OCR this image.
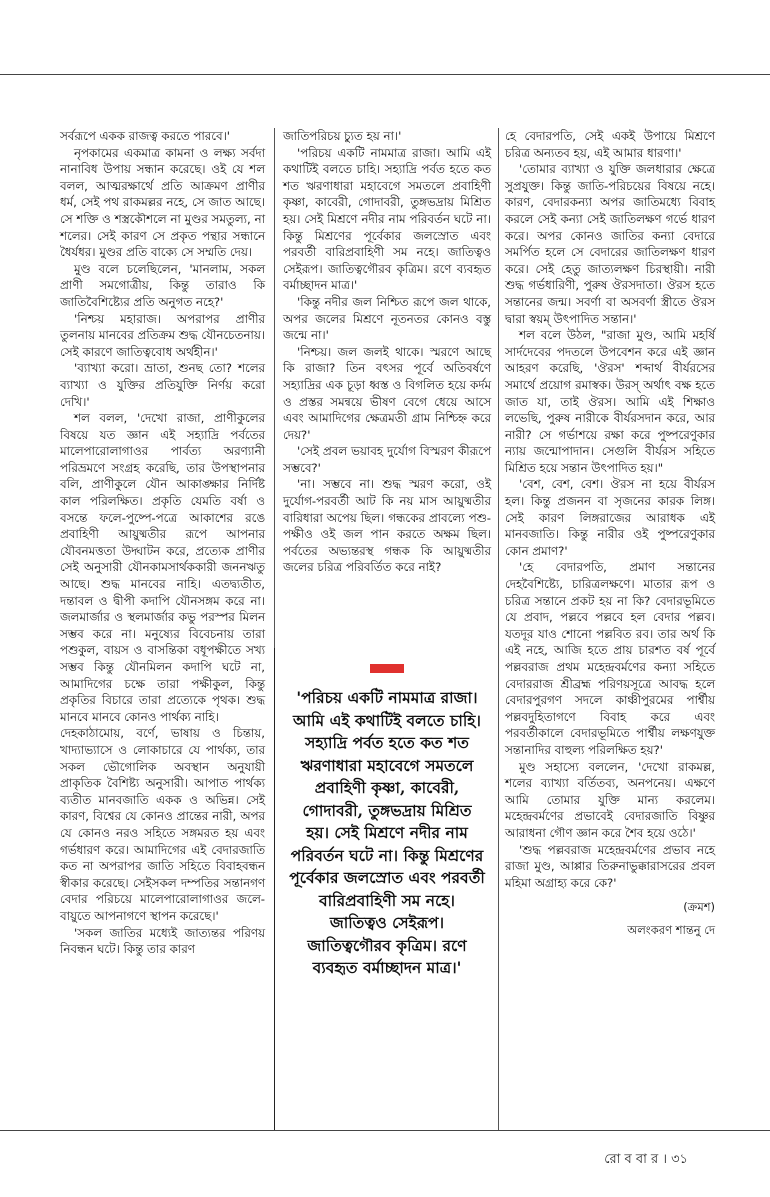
সর্বরূপে একক রাজত্ব করতে পারবে।'

নৃপকামের একমাত্র কামনা ও লক্ষ্য সর্বদা নানাবিধ উপায় সন্ধান করেছে। ওই যে শল বলল, আত্মরক্ষার্থে প্রতি আক্রমণ প্রাণীর ধর্ম, সেই পথ রাকমল্লর নহে, সে জাত আছে। সে শক্তি ও শস্ত্রকৌশলে না মুণ্ডর সমতুল্য, না শলের। সেই কারণ সে প্রকৃত পন্থার সন্ধানে ধৈর্যধর। মুণ্ডর প্রতি বাক্যে সে সম্মতি দেয়।

মুণ্ড বলে চলেছিলেন, 'মানলাম, সকল প্রাণী সমগোত্রীয়, কিন্তু তারাও কি জাতিবৈশিষ্ট্যের প্রতি অনুগত নহে?'

'নিশ্চয় মহারাজ। অপরাপর প্রাণীর তুলনায় মানবের প্রতিক্রম শুদ্ধ যৌনচেতনায়। সেই কারণে জাতিত্ববোধ অর্থহীন।'

'ব্যাখ্যা করো। ভ্রাতা, শুনছ তো? শলের ব্যাখ্যা ও যুক্তির প্রতিযুক্তি নির্ণয় করো দেখি।'

শল বলল, 'দেখো রাজা, প্রাণীকুলের বিষয়ে যত জ্ঞান এই সহ্যাদ্রি পর্বতের মালেপারোলাগাওর পার্বত্য অরণ্যানী পরিভ্রমণে সংগ্রহ করেছি, তার উপস্থাপনার বলি, প্রাণীকুলে যৌন আকাঙ্ক্ষার নির্দিষ্ট কাল পরিলক্ষিত। প্রকৃতি যেমতি বর্ষা ও বসন্তে ফলে-পুষ্পে-পত্রে আকাশের রঙে প্রবাহিণী আয়ুষ্মতীর রূপে আপনার যৌবনমত্ততা উদ্ঘাটন করে, প্রত্যেক প্রাণীর সেই অনুসারী যৌনকামসার্থককারী জননঋতু আছে। শুদ্ধ মানবের নাহি। এতদ্ব্যতীত, দন্তাবল ও দ্বীপী কদাপি যৌনসঙ্গম করে না। জলমার্জার ও স্থলমার্জার কভু পরস্পর মিলন সম্ভব করে না। মনুষ্যের বিবেচনায় তারা পশুকুল, বায়স ও বাসন্তিকা বধূপক্ষীতে সখ্য সম্ভব কিন্তু যৌনমিলন কদাপি ঘটে না, আমাদিগের চক্ষে তারা পক্ষীকুল, কিন্তু প্রকৃতির বিচারে তারা প্রত্যেকে পৃথক। শুদ্ধ মানবে মানবে কোনও পার্থক্য নাহি।

দেহকাঠামোয়, বর্ণে, ভাষায় ও চিন্তায়, খাদ্যাভ্যাসে ও লোকাচারে যে পার্থক্য, তার সকল ভৌগোলিক অবস্থান অনুযায়ী প্রাকৃতিক বৈশিষ্ট্য অনুসারী। আপাত পার্থক্য ব্যতীত মানবজাতি একক ও অভিন্ন। সেই কারণ, বিশ্বের যে কোনও প্রান্তের নারী, অপর যে কোনও নরও সহিতে সঙ্গমরত হয় এবং গর্ভধারণ করে। আমাদিগের এই বেদারজাতি কত না অপরাপর জাতি সহিতে বিবাহবন্ধন স্বীকার করেছে। সেইসকল দম্পতির সন্তানগণ বেদার পরিচয়ে মালেপারোলাগাওর জলে-বায়ুতে আপনাগণে স্থাপন করেছে।'

'সকল জাতির মধ্যেই জাত্যন্তর পরিণয় নিবন্ধন ঘটে। কিন্তু তার কারণ

জাতিপরিচয় চ্যুত হয় না।'

'পরিচয় একটি নামমাত্র রাজা। আমি এই কথাটিই বলতে চাহি। সহ্যাদ্রি পর্বত হতে কত শত ঋরণাধারা মহাবেগে সমতলে প্রবাহিণী কৃষ্ণা, কাবেরী, গোদাবরী, তুঙ্গভদ্রায় মিশ্রিত হয়। সেই মিশ্রণে নদীর নাম পরিবর্তন ঘটে না। কিন্তু মিশ্রণের পূর্বেকার জলস্রোত এবং পরবর্তী বারিপ্রবাহিণী সম নহে। জাতিত্বও সেইরূপ। জাতিত্বগৌরব কৃত্রিম। রণে ব্যবহৃত বর্মাচ্ছাদন মাত্র।'

'কিন্তু নদীর জল নিশ্চিত রূপে জল থাকে, অপর জলের মিশ্রণে নূতনতর কোনও বস্তু জন্মে না।'

'নিশ্চয়। জল জলই থাকে। স্মরণে আছে কি রাজা? তিন বৎসর পূর্বে অতিবর্ষণে সহ্যাদ্রির এক চূড়া ধ্বস্ত ও বিগলিত হয়ে কর্দম ও প্রস্তর সমন্বয়ে ভীষণ বেগে ধেয়ে আসে এবং আমাদিগের ক্ষেত্রমতী গ্রাম নিশ্চিহ্ন করে দেয়?'

'সেই প্রবল ভয়াবহ দুর্যোগ বিস্মরণ কীরূপে সম্ভবে?'

'না। সম্ভবে না। শুদ্ধ স্মরণ করো, ওই দুর্যোগ-পরবর্তী আট কি নয় মাস আয়ুষ্মতীর বারিধারা অপেয় ছিল। গন্ধকের প্রাবল্যে পশু-পক্ষীও ওই জল পান করতে অক্ষম ছিল। পর্বতের অভ্যন্তরস্থ গন্ধক কি আয়ুষ্মতীর জলের চরিত্র পরিবর্তিত করে নাই?

'পরিচয় একটি নামমাত্র রাজা। আমি এই কথাটিই বলতে চাহি। সহ্যাদ্রি পর্বত হতে কত শত ঋরণাধারা মহাবেগে সমতলে প্রবাহিণী কৃষ্ণা, কাবেরী, গোদাবরী, তুঙ্গভদ্রায় মিশ্রিত হয়। সেই মিশ্রণে নদীর নাম পরিবর্তন ঘটে না। কিন্তু মিশ্রণের পূর্বেকার জলস্রোত এবং পরবর্তী বারিপ্রবাহিণী সম নহে। জাতিত্বও সেইরূপ। জাতিত্বগৌরব কৃত্রিম। রণে ব্যবহৃত বর্মাচ্ছাদন মাত্র।'

হে বেদারপতি, সেই একই উপায়ে মিশ্রণে চরিত্র অন্যতব হয়, এই আমার ধারণা।'

'তোমার ব্যাখ্যা ও যুক্তি জলধারার ক্ষেত্রে সুপ্রযুক্ত। কিন্তু জাতি-পরিচয়ের বিষয়ে নহে। কারণ, বেদারকন্যা অপর জাতিমধ্যে বিবাহ করলে সেই কন্যা সেই জাতিলক্ষণ গর্ভে ধারণ করে। অপর কোনও জাতির কন্যা বেদারে সমর্পিত হলে সে বেদারের জাতিলক্ষণ ধারণ করে। সেই হেতু জাত্যলক্ষণ চিরস্থায়ী। নারী শুদ্ধ গর্ভধারিণী, পুরুষ ঔরসদাতা। ঔরস হতে সন্তানের জন্ম। সবর্ণা বা অসবর্ণা স্ত্রীতে ঔরস দ্বারা স্বয়ম্ উৎপাদিত সন্তান।'

শল বলে উঠল, "রাজা মুণ্ড, আমি মহর্ষি সার্দদেবের পদতলে উপবেশন করে এই জ্ঞান আহরণ করেছি, 'ঔরস' শব্দার্থ বীর্যরসের সমার্থে প্রয়োগ রমাস্বক। উরস্ অর্থাৎ বক্ষ হতে জাত যা, তাই ঔরস। আমি এই শিক্ষাও লভেছি, পুরুষ নারীকে বীর্যরসদান করে, আর নারী? সে গর্ভাশয়ে রক্ষা করে পুষ্পরেণুকার ন্যায় জন্মোপাদান। সেগুলি বীর্যরস সহিতে মিশ্রিত হয়ে সন্তান উৎপাদিত হয়।"

'বেশ, বেশ, বেশ। ঔরস না হয়ে বীর্যরস হল। কিন্তু প্রজনন বা সৃজনের কারক লিঙ্গ। সেই কারণ লিঙ্গরাজের আরাধক এই মানবজাতি। কিন্তু নারীর ওই পুষ্পরেণুকার কোন প্রমাণ?'

'হে বেদারপতি, প্রমাণ সন্তানের দেহবৈশিষ্ট্যে, চারিত্রলক্ষণে। মাতার রূপ ও চরিত্র সন্তানে প্রকট হয় না কি? বেদারভূমিতে যে প্রবাদ, পল্লবে পল্লবে হল বেদার পল্লব। যতদূর যাও শোনো পল্লবিত রব। তার অর্থ কি এই নহে, আজি হতে প্রায় চারশত বর্ষ পূর্বে পল্লবরাজ প্রথম মহেন্দ্রবর্মণের কন্যা সহিতে বেদাররাজ শ্রীব্রহ্ম পরিণয়সূত্রে আবদ্ধ হলে বেদারপুরগণ সদলে কাঞ্চীপুরমের পার্শ্বীয় পল্লবদুহিতাগণে বিবাহ করে এবং পরবর্তীকালে বেদারভূমিতে পার্শ্বীয় লক্ষণযুক্ত সন্তানাদির বাহুল্য পরিলক্ষিত হয়?'

মুণ্ড সহাস্যে বললেন, 'দেখো রাকমল্ল, শলের ব্যাখ্যা বর্তিতব্য, অনপনেয়। এক্ষণে আমি তোমার যুক্তি মান্য করলেম। মহেন্দ্রবর্মণের প্রভাবেই বেদারজাতি বিষ্ণুর আরাধনা গৌণ জ্ঞান করে শৈব হয়ে ওঠে।'

'শুদ্ধ পল্লবরাজ মহেন্দ্রবর্মণের প্রভাব নহে রাজা মুণ্ড, আপ্পার তিরুনাভুক্কারাসরের প্রবল মহিমা অগ্রাহ্য করে কে?'

(ক্রমশ)
অলংকরণ শান্তনু দে
রো ব বা র । ৩১
